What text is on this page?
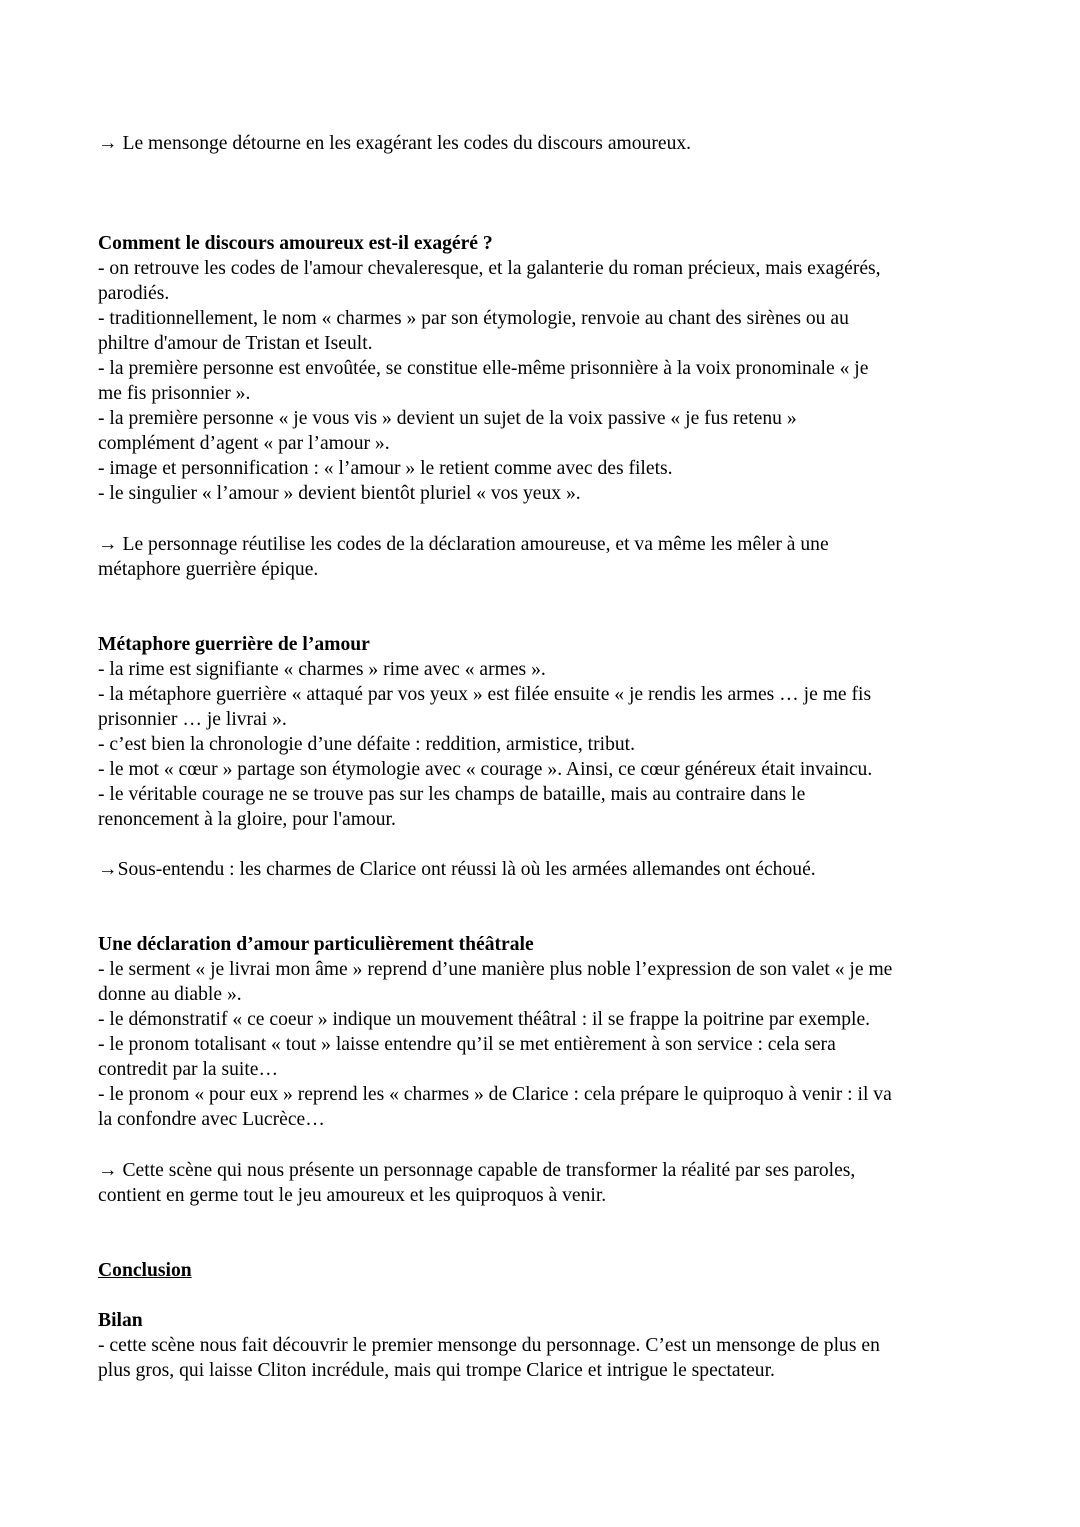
→ Le mensonge détourne en les exagérant les codes du discours amoureux.
Comment le discours amoureux est-il exagéré ?
- on retrouve les codes de l'amour chevaleresque, et la galanterie du roman précieux, mais exagérés,
parodiés.
- traditionnellement, le nom « charmes » par son étymologie, renvoie au chant des sirènes ou au
philtre d'amour de Tristan et Iseult.
- la première personne est envoûtée, se constitue elle-même prisonnière à la voix pronominale « je
me fis prisonnier ».
- la première personne « je vous vis » devient un sujet de la voix passive « je fus retenu »
complément d’agent « par l’amour ».
- image et personnification : « l’amour » le retient comme avec des filets.
- le singulier « l’amour » devient bientôt pluriel « vos yeux ».
→ Le personnage réutilise les codes de la déclaration amoureuse, et va même les mêler à une
métaphore guerrière épique.
Métaphore guerrière de l’amour
- la rime est signifiante « charmes » rime avec « armes ».
- la métaphore guerrière « attaqué par vos yeux » est filée ensuite « je rendis les armes … je me fis
prisonnier … je livrai ».
- c’est bien la chronologie d’une défaite : reddition, armistice, tribut.
- le mot « cœur » partage son étymologie avec « courage ». Ainsi, ce cœur généreux était invaincu.
- le véritable courage ne se trouve pas sur les champs de bataille, mais au contraire dans le
renoncement à la gloire, pour l'amour.
→Sous-entendu : les charmes de Clarice ont réussi là où les armées allemandes ont échoué.
Une déclaration d’amour particulièrement théâtrale
- le serment « je livrai mon âme » reprend d’une manière plus noble l’expression de son valet « je me
donne au diable ».
- le démonstratif « ce coeur » indique un mouvement théâtral : il se frappe la poitrine par exemple.
- le pronom totalisant « tout » laisse entendre qu’il se met entièrement à son service : cela sera
contredit par la suite…
- le pronom « pour eux » reprend les « charmes » de Clarice : cela prépare le quiproquo à venir : il va
la confondre avec Lucrèce…
→ Cette scène qui nous présente un personnage capable de transformer la réalité par ses paroles,
contient en germe tout le jeu amoureux et les quiproquos à venir.
Conclusion
Bilan
- cette scène nous fait découvrir le premier mensonge du personnage. C’est un mensonge de plus en
plus gros, qui laisse Cliton incrédule, mais qui trompe Clarice et intrigue le spectateur.
